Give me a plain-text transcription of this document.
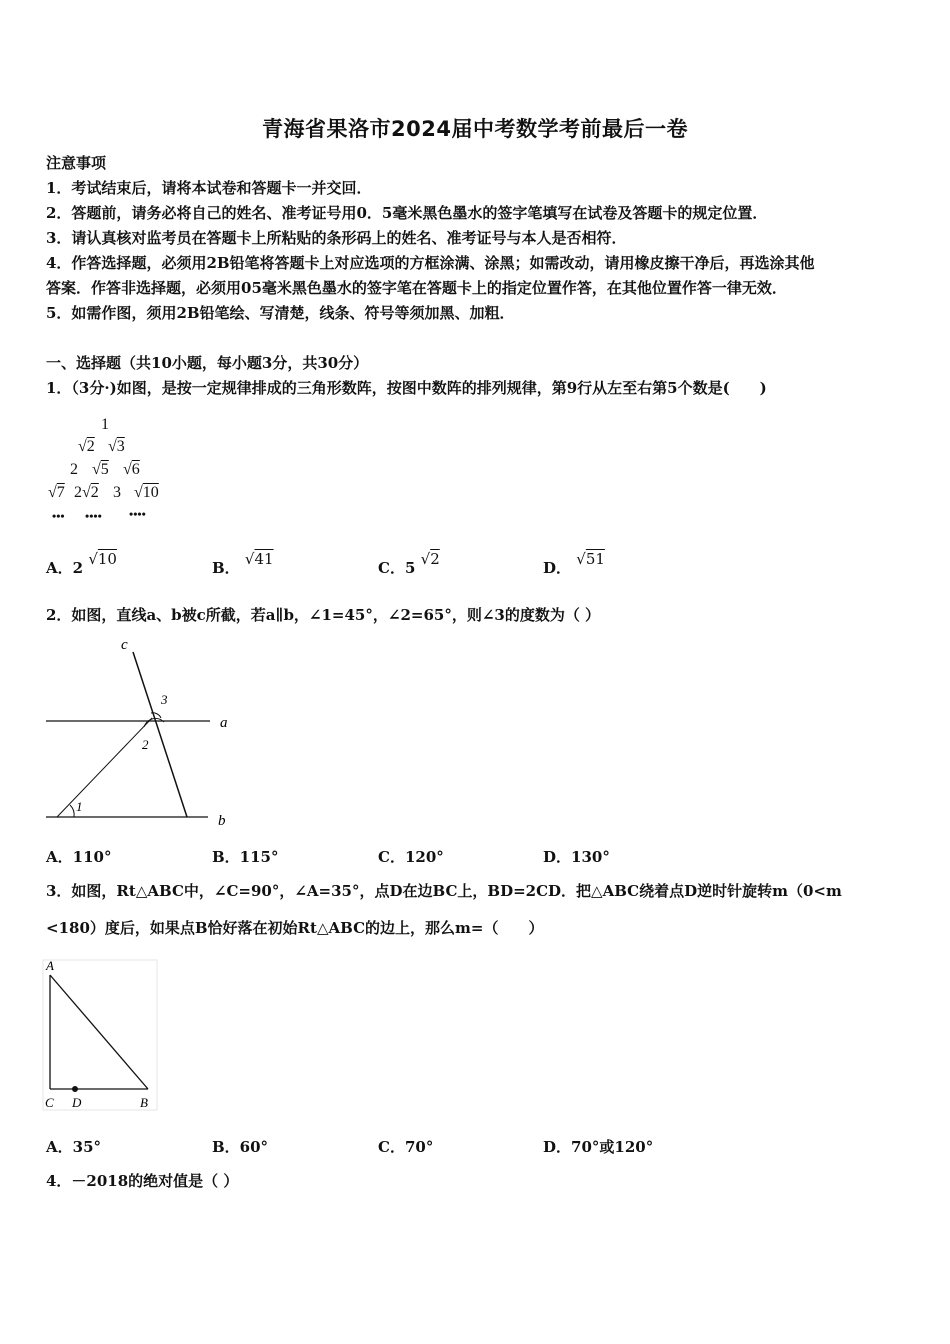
青海省果洛市2024届中考数学考前最后一卷
注意事项
1．考试结束后，请将本试卷和答题卡一并交回．
2．答题前，请务必将自己的姓名、准考证号用0．5毫米黑色墨水的签字笔填写在试卷及答题卡的规定位置．
3．请认真核对监考员在答题卡上所粘贴的条形码上的姓名、准考证号与本人是否相符．
4．作答选择题，必须用2B铅笔将答题卡上对应选项的方框涂满、涂黑；如需改动，请用橡皮擦干净后，再选涂其他
答案．作答非选择题，必须用05毫米黑色墨水的签字笔在答题卡上的指定位置作答，在其他位置作答一律无效．
5．如需作图，须用2B铅笔绘、写清楚，线条、符号等须加黑、加粗．
一、选择题（共10小题，每小题3分，共30分）
1．（3分·)如图，是按一定规律排成的三角形数阵，按图中数阵的排列规律，第9行从左至右第5个数是(　　)
1
√2 √3
2 √5 √6
√7 2√2 3 √10
••• •••• ••••
A．2 √10	B． √41	C．5 √2	D． √51
2．如图，直线a、b被c所截，若a∥b，∠1=45°，∠2=65°，则∠3的度数为（ ）
c
a
b
1
2
3
A．110°	B．115°	C．120°	D．130°
3．如图，Rt△ABC中，∠C=90°，∠A=35°，点D在边BC上，BD=2CD．把△ABC绕着点D逆时针旋转m（0<m
<180）度后，如果点B恰好落在初始Rt△ABC的边上，那么m=（　　）
A
C D	B
A．35°	B．60°	C．70°	D．70°或120°
4．－2018的绝对值是（ ）
